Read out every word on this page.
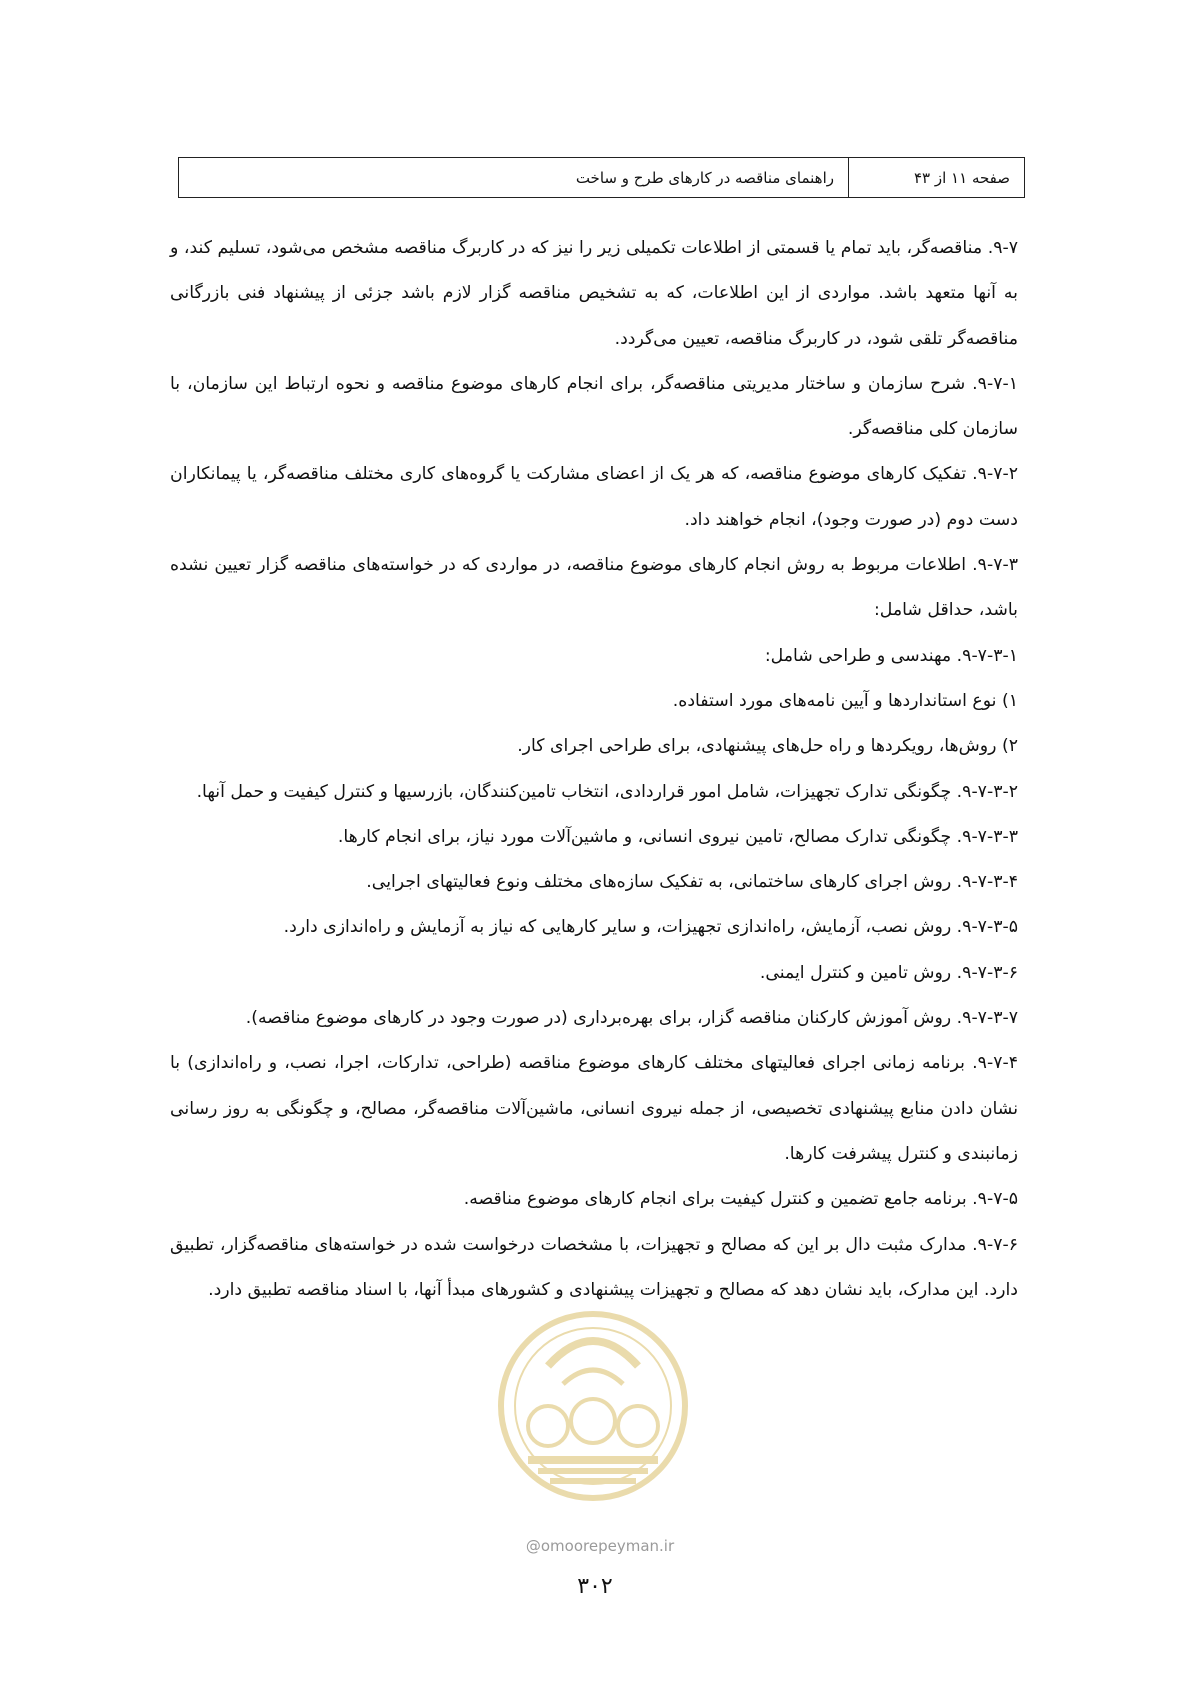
صفحه ۱۱ از ۴۳
راهنمای مناقصه در کارهای طرح و ساخت

۹-۷. مناقصه‌گر، باید تمام یا قسمتی از اطلاعات تکمیلی زیر را نیز که در کاربرگ مناقصه مشخص می‌شود، تسلیم کند، و به آنها متعهد باشد. مواردی از این اطلاعات، که به تشخیص مناقصه گزار لازم باشد جزئی از پیشنهاد فنی بازرگانی مناقصه‌گر تلقی شود، در کاربرگ مناقصه، تعیین می‌گردد.

۹-۷-۱. شرح سازمان و ساختار مدیریتی مناقصه‌گر، برای انجام کارهای موضوع مناقصه و نحوه ارتباط این سازمان، با سازمان کلی مناقصه‌گر.

۹-۷-۲. تفکیک کارهای موضوع مناقصه، که هر یک از اعضای مشارکت یا گروه‌های کاری مختلف مناقصه‌گر، یا پیمانکاران دست دوم (در صورت وجود)، انجام خواهند داد.

۹-۷-۳. اطلاعات مربوط به روش انجام کارهای موضوع مناقصه، در مواردی که در خواسته‌های مناقصه گزار تعیین نشده باشد، حداقل شامل:

۹-۷-۳-۱. مهندسی و طراحی شامل:

۱) نوع استانداردها و آیین نامه‌های مورد استفاده.

۲) روش‌ها، رویکردها و راه حل‌های پیشنهادی، برای طراحی اجرای کار.

۹-۷-۳-۲. چگونگی تدارک تجهیزات، شامل امور قراردادی، انتخاب تامین‌کنندگان، بازرسیها و کنترل کیفیت و حمل آنها.

۹-۷-۳-۳. چگونگی تدارک مصالح، تامین نیروی انسانی، و ماشین‌آلات مورد نیاز، برای انجام کارها.

۹-۷-۳-۴. روش اجرای کارهای ساختمانی، به تفکیک سازه‌های مختلف ونوع فعالیتهای اجرایی.

۹-۷-۳-۵. روش نصب، آزمایش، راه‌اندازی تجهیزات، و سایر کارهایی که نیاز به آزمایش و راه‌اندازی دارد.

۹-۷-۳-۶. روش تامین و کنترل ایمنی.

۹-۷-۳-۷. روش آموزش کارکنان مناقصه گزار، برای بهره‌برداری (در صورت وجود در کارهای موضوع مناقصه).

۹-۷-۴. برنامه زمانی اجرای فعالیتهای مختلف کارهای موضوع مناقصه (طراحی، تدارکات، اجرا، نصب، و راه‌اندازی) با نشان دادن منابع پیشنهادی تخصیصی، از جمله نیروی انسانی، ماشین‌آلات مناقصه‌گر، مصالح، و چگونگی به روز رسانی زمانبندی و کنترل پیشرفت کارها.

۹-۷-۵. برنامه جامع تضمین و کنترل کیفیت برای انجام کارهای موضوع مناقصه.

۹-۷-۶. مدارک مثبت دال بر این که مصالح و تجهیزات، با مشخصات درخواست شده در خواسته‌های مناقصه‌گزار، تطبیق دارد. این مدارک، باید نشان دهد که مصالح و تجهیزات پیشنهادی و کشورهای مبدأ آنها، با اسناد مناقصه تطبیق دارد.

@omoorepeyman.ir
۳۰۲
